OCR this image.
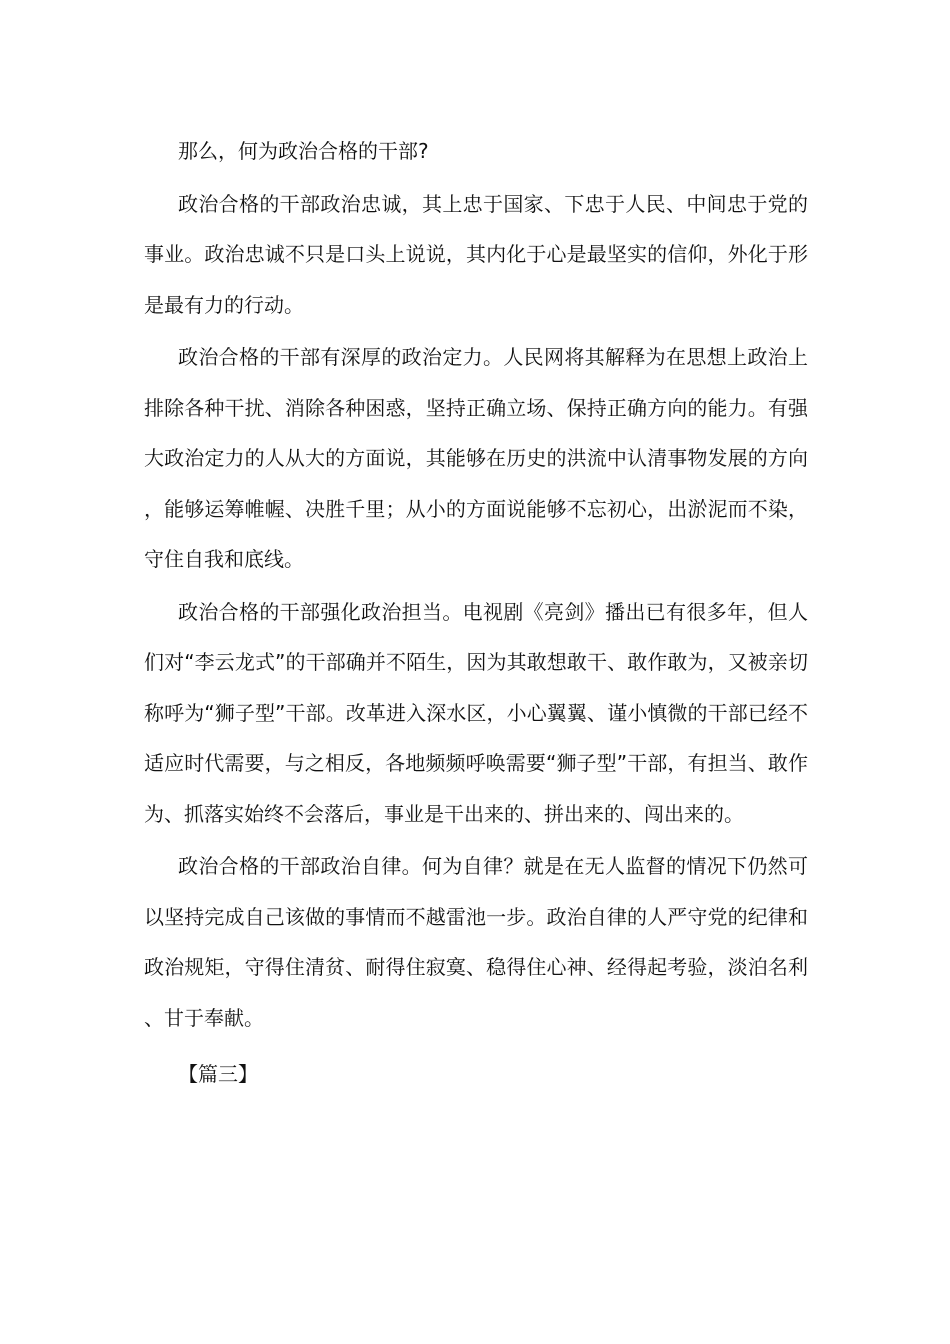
那么，何为政治合格的干部?

政治合格的干部政治忠诚，其上忠于国家、下忠于人民、中间忠于党的事业。政治忠诚不只是口头上说说，其内化于心是最坚实的信仰，外化于形是最有力的行动。

政治合格的干部有深厚的政治定力。人民网将其解释为在思想上政治上排除各种干扰、消除各种困惑，坚持正确立场、保持正确方向的能力。有强大政治定力的人从大的方面说，其能够在历史的洪流中认清事物发展的方向，能够运筹帷幄、决胜千里；从小的方面说能够不忘初心，出淤泥而不染，守住自我和底线。

政治合格的干部强化政治担当。电视剧《亮剑》播出已有很多年，但人们对“李云龙式”的干部确并不陌生，因为其敢想敢干、敢作敢为，又被亲切称呼为“狮子型”干部。改革进入深水区，小心翼翼、谨小慎微的干部已经不适应时代需要，与之相反，各地频频呼唤需要“狮子型”干部，有担当、敢作为、抓落实始终不会落后，事业是干出来的、拼出来的、闯出来的。

政治合格的干部政治自律。何为自律？就是在无人监督的情况下仍然可以坚持完成自己该做的事情而不越雷池一步。政治自律的人严守党的纪律和政治规矩，守得住清贫、耐得住寂寞、稳得住心神、经得起考验，淡泊名利、甘于奉献。

【篇三】
